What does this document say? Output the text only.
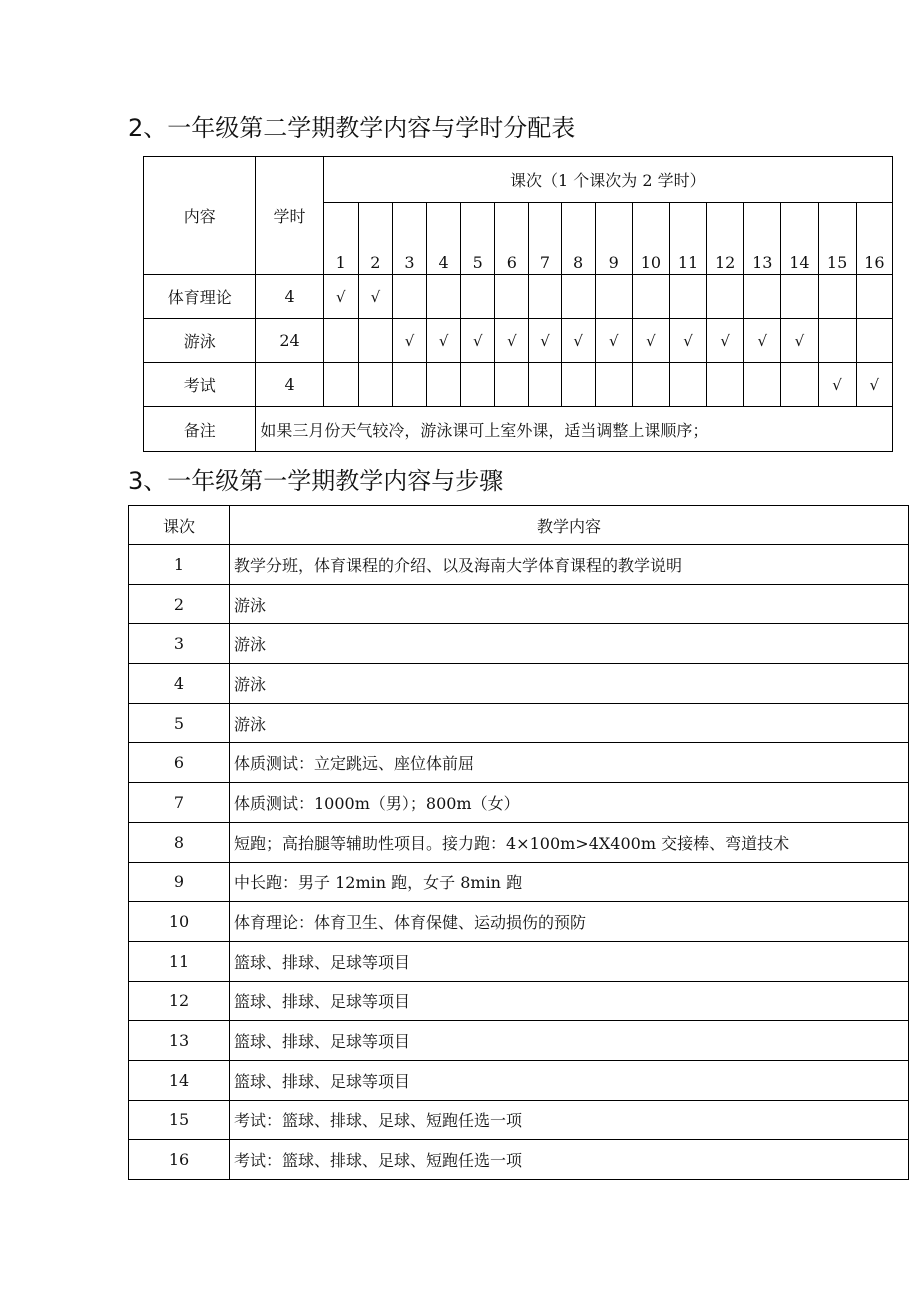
2、一年级第二学期教学内容与学时分配表
内容	学时	课次（1 个课次为 2 学时）															
		1	2	3	4	5	6	7	8	9	10	11	12	13	14	15	16
体育理论	4	√	√														
游泳	24			√	√	√	√	√	√	√	√	√	√	√	√		
考试	4															√	√
备注	如果三月份天气较冷，游泳课可上室外课，适当调整上课顺序；																
3、一年级第一学期教学内容与步骤
课次	教学内容
1	教学分班，体育课程的介绍、以及海南大学体育课程的教学说明
2	游泳
3	游泳
4	游泳
5	游泳
6	体质测试：立定跳远、座位体前屈
7	体质测试：1000m（男）；800m（女）
8	短跑；高抬腿等辅助性项目。接力跑：4×100m>4X400m 交接棒、弯道技术
9	中长跑：男子 12min 跑，女子 8min 跑
10	体育理论：体育卫生、体育保健、运动损伤的预防
11	篮球、排球、足球等项目
12	篮球、排球、足球等项目
13	篮球、排球、足球等项目
14	篮球、排球、足球等项目
15	考试：篮球、排球、足球、短跑任选一项
16	考试：篮球、排球、足球、短跑任选一项
